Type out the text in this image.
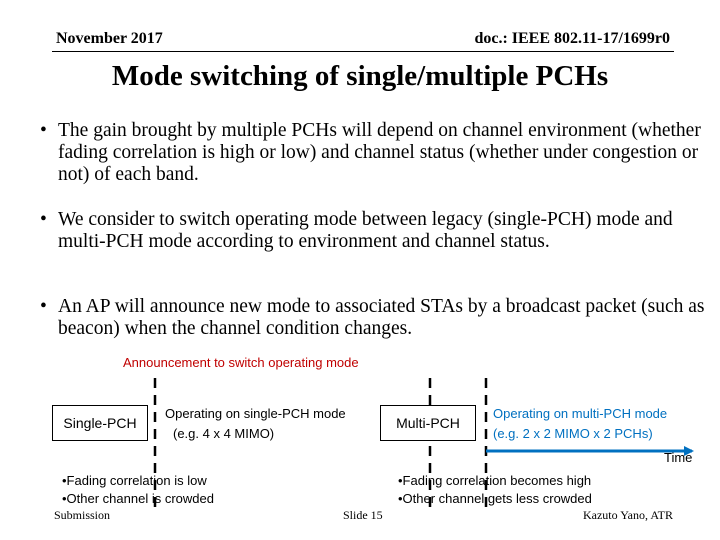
November 2017	doc.: IEEE 802.11-17/1699r0
Mode switching of single/multiple PCHs
• The gain brought by multiple PCHs will depend on channel environment (whether fading correlation is high or low) and channel status (whether under congestion or not) of each band.
• We consider to switch operating mode between legacy (single-PCH) mode and multi-PCH mode according to environment and channel status.
• An AP will announce new mode to associated STAs by a broadcast packet (such as beacon) when the channel condition changes.
Announcement to switch operating mode
Single-PCH
Operating on single-PCH mode
(e.g. 4 x 4 MIMO)
Multi-PCH
Operating on multi-PCH mode
(e.g. 2 x 2 MIMO x 2 PCHs)
Time
•Fading correlation is low
•Other channel is crowded
•Fading correlation becomes high
•Other channel gets less crowded
Submission	Slide 15	Kazuto Yano, ATR
